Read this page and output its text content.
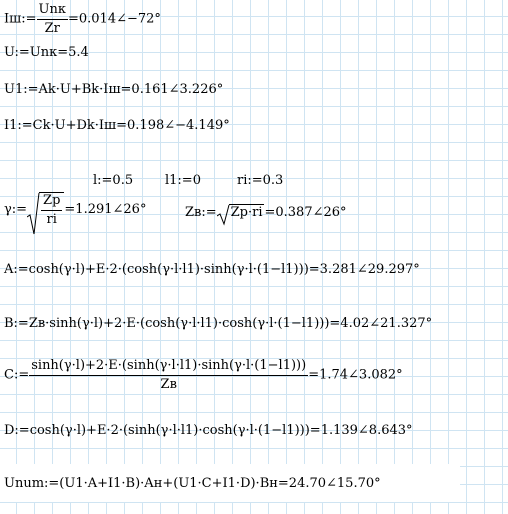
Iш:= $\frac{\text{Unк}}{Zr}$ =0.014∠−72°
U:=Unк=5.4
U1:=Ak·U+Bk·Iш=0.161∠3.226°
I1:=Ck·U+Dk·Iш=0.198∠−4.149°
l:=0.5 l1:=0	ri:=0.3
γ:= $\frac{Zp}{ri}$ =1.291∠26°	Zв:= Zp·ri =0.387∠26°
A:=cosh(γ·l)+E·2·(cosh(γ·l·l1)·sinh(γ·l·(1−l1)))=3.281∠29.297°
B:=Zв·sinh(γ·l)+2·E·(cosh(γ·l·l1)·cosh(γ·l·(1−l1)))=4.02∠21.327°
C:= $\frac{\sinh(\gamma\cdot l)+2\cdot E\cdot(\sinh(\gamma\cdot l\cdot l1)\cdot\sinh(\gamma\cdot l\cdot(1-l1)))}{Zв}$ =1.74∠3.082°
D:=cosh(γ·l)+E·2·(sinh(γ·l·l1)·cosh(γ·l·(1−l1)))=1.139∠8.643°
Unum:=(U1·A+I1·B)·Aн+(U1·C+I1·D)·Bн=24.70∠15.70°
